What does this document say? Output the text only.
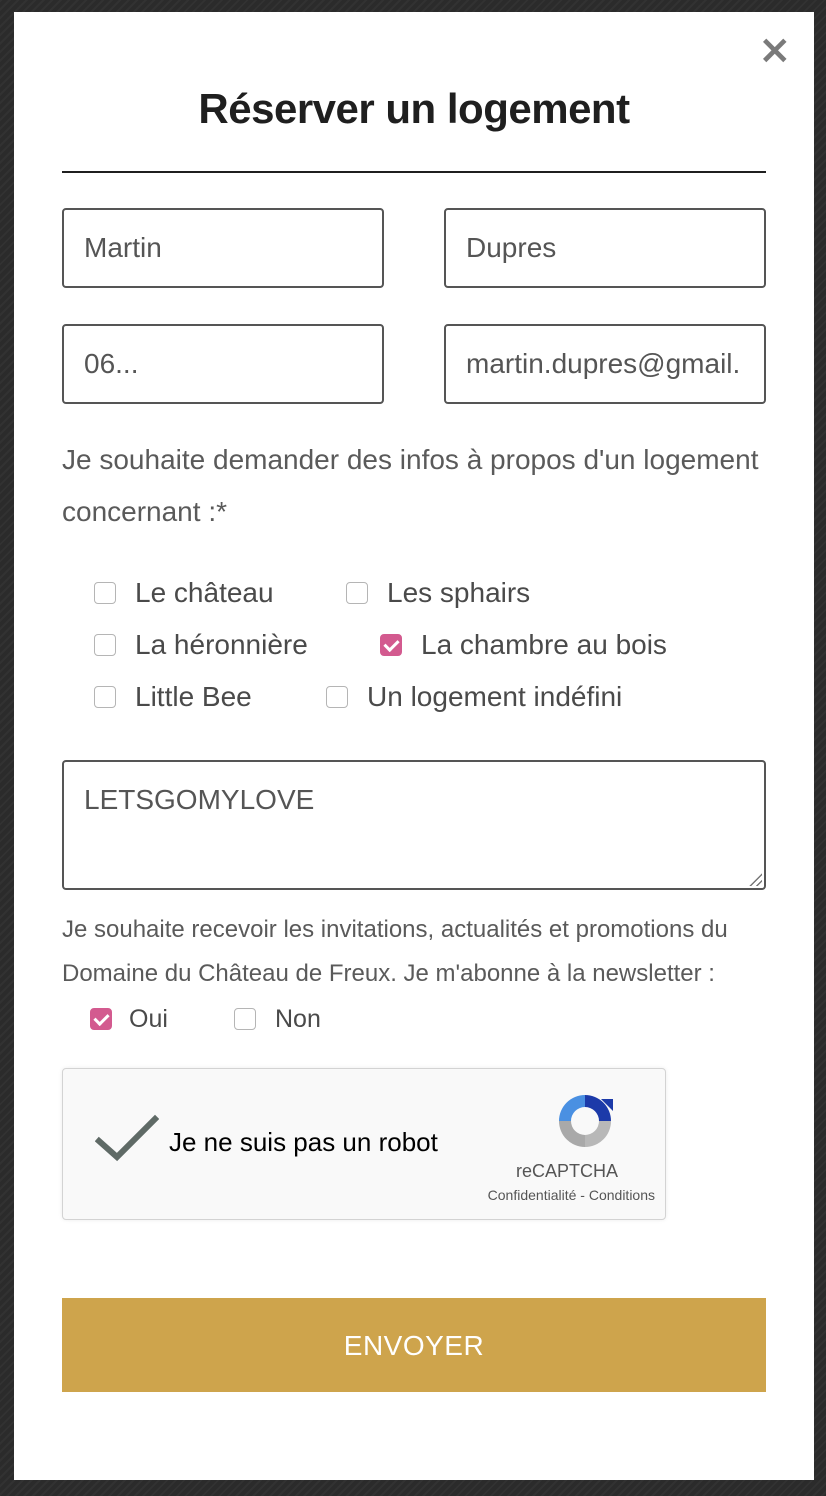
×
Réserver un logement
Martin	Dupres
06...	martin.dupres@gmail.
Je souhaite demander des infos à propos d'un logement concernant :*
Le château	Les sphairs
La héronnière	La chambre au bois
Little Bee	Un logement indéfini
LETSGOMYLOVE
Je souhaite recevoir les invitations, actualités et promotions du Domaine du Château de Freux. Je m'abonne à la newsletter :
Oui	Non
Je ne suis pas un robot
reCAPTCHA
Confidentialité - Conditions
ENVOYER
